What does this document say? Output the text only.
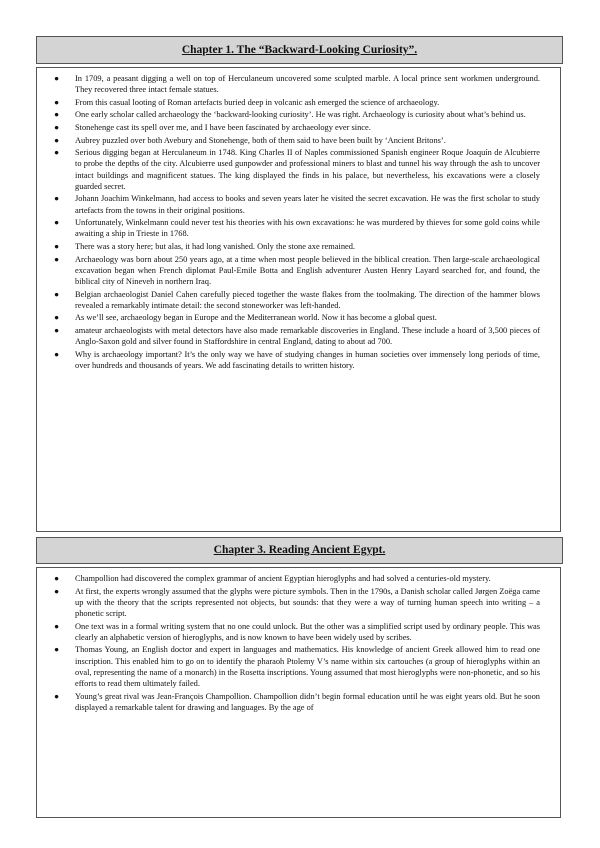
Chapter 1. The “Backward-Looking Curiosity”.
● In 1709, a peasant digging a well on top of Herculaneum uncovered some sculpted marble. A local prince sent workmen underground. They recovered three intact female statues.
● From this casual looting of Roman artefacts buried deep in volcanic ash emerged the science of archaeology.
● One early scholar called archaeology the ‘backward-looking curiosity’. He was right. Archaeology is curiosity about what’s behind us.
● Stonehenge cast its spell over me, and I have been fascinated by archaeology ever since.
● Aubrey puzzled over both Avebury and Stonehenge, both of them said to have been built by ‘Ancient Britons’.
● Serious digging began at Herculaneum in 1748. King Charles II of Naples commissioned Spanish engineer Roque Joaquín de Alcubierre to probe the depths of the city. Alcubierre used gunpowder and professional miners to blast and tunnel his way through the ash to uncover intact buildings and magnificent statues. The king displayed the finds in his palace, but nevertheless, his excavations were a closely guarded secret.
● Johann Joachim Winkelmann, had access to books and seven years later he visited the secret excavation. He was the first scholar to study artefacts from the towns in their original positions.
● Unfortunately, Winkelmann could never test his theories with his own excavations: he was murdered by thieves for some gold coins while awaiting a ship in Trieste in 1768.
● There was a story here; but alas, it had long vanished. Only the stone axe remained.
● Archaeology was born about 250 years ago, at a time when most people believed in the biblical creation. Then large-scale archaeological excavation began when French diplomat Paul-Emile Botta and English adventurer Austen Henry Layard searched for, and found, the biblical city of Nineveh in northern Iraq.
● Belgian archaeologist Daniel Cahen carefully pieced together the waste flakes from the toolmaking. The direction of the hammer blows revealed a remarkably intimate detail: the second stoneworker was left-handed.
● As we’ll see, archaeology began in Europe and the Mediterranean world. Now it has become a global quest.
● amateur archaeologists with metal detectors have also made remarkable discoveries in England. These include a hoard of 3,500 pieces of Anglo-Saxon gold and silver found in Staffordshire in central England, dating to about ad 700.
● Why is archaeology important? It’s the only way we have of studying changes in human societies over immensely long periods of time, over hundreds and thousands of years. We add fascinating details to written history.
Chapter 3. Reading Ancient Egypt.
● Champollion had discovered the complex grammar of ancient Egyptian hieroglyphs and had solved a centuries-old mystery.
● At first, the experts wrongly assumed that the glyphs were picture symbols. Then in the 1790s, a Danish scholar called Jørgen Zoëga came up with the theory that the scripts represented not objects, but sounds: that they were a way of turning human speech into writing – a phonetic script.
● One text was in a formal writing system that no one could unlock. But the other was a simplified script used by ordinary people. This was clearly an alphabetic version of hieroglyphs, and is now known to have been widely used by scribes.
● Thomas Young, an English doctor and expert in languages and mathematics. His knowledge of ancient Greek allowed him to read one inscription. This enabled him to go on to identify the pharaoh Ptolemy V’s name within six cartouches (a group of hieroglyphs within an oval, representing the name of a monarch) in the Rosetta inscriptions. Young assumed that most hieroglyphs were non-phonetic, and so his efforts to read them ultimately failed.
● Young’s great rival was Jean-François Champollion. Champollion didn’t begin formal education until he was eight years old. But he soon displayed a remarkable talent for drawing and languages. By the age of
